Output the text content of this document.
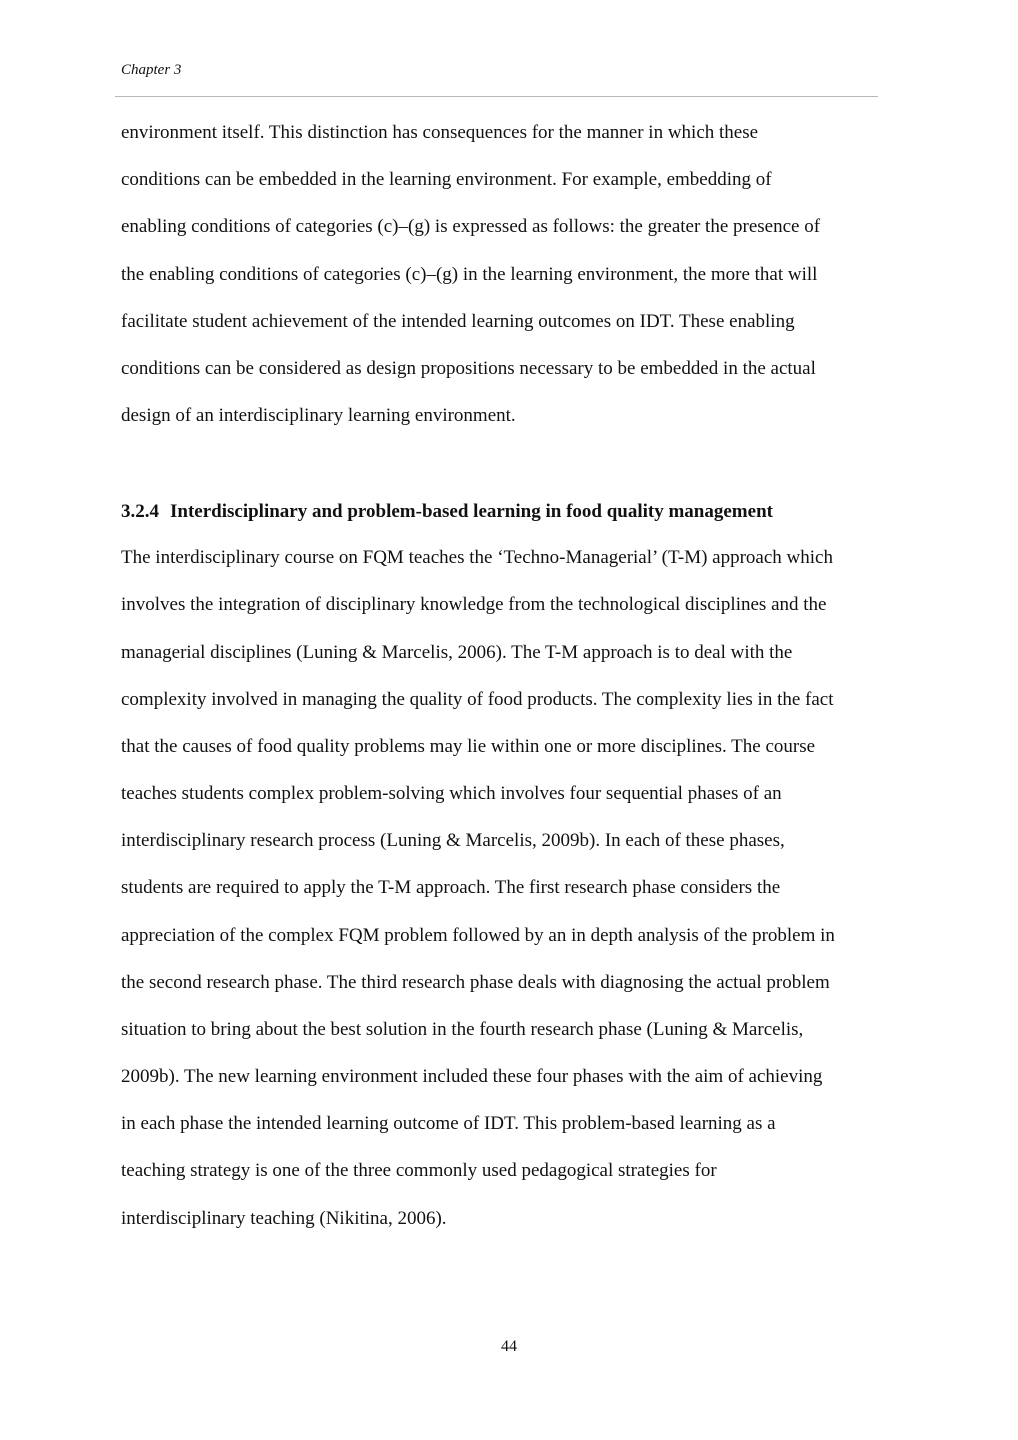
Chapter 3

environment itself. This distinction has consequences for the manner in which these

conditions can be embedded in the learning environment. For example, embedding of

enabling conditions of categories (c)–(g) is expressed as follows: the greater the presence of

the enabling conditions of categories (c)–(g) in the learning environment, the more that will

facilitate student achievement of the intended learning outcomes on IDT. These enabling

conditions can be considered as design propositions necessary to be embedded in the actual

design of an interdisciplinary learning environment.

3.2.4 Interdisciplinary and problem-based learning in food quality management

The interdisciplinary course on FQM teaches the ‘Techno-Managerial’ (T-M) approach which

involves the integration of disciplinary knowledge from the technological disciplines and the

managerial disciplines (Luning & Marcelis, 2006). The T-M approach is to deal with the

complexity involved in managing the quality of food products. The complexity lies in the fact

that the causes of food quality problems may lie within one or more disciplines. The course

teaches students complex problem-solving which involves four sequential phases of an

interdisciplinary research process (Luning & Marcelis, 2009b). In each of these phases,

students are required to apply the T-M approach. The first research phase considers the

appreciation of the complex FQM problem followed by an in depth analysis of the problem in

the second research phase. The third research phase deals with diagnosing the actual problem

situation to bring about the best solution in the fourth research phase (Luning & Marcelis,

2009b). The new learning environment included these four phases with the aim of achieving

in each phase the intended learning outcome of IDT. This problem-based learning as a

teaching strategy is one of the three commonly used pedagogical strategies for

interdisciplinary teaching (Nikitina, 2006).

44
